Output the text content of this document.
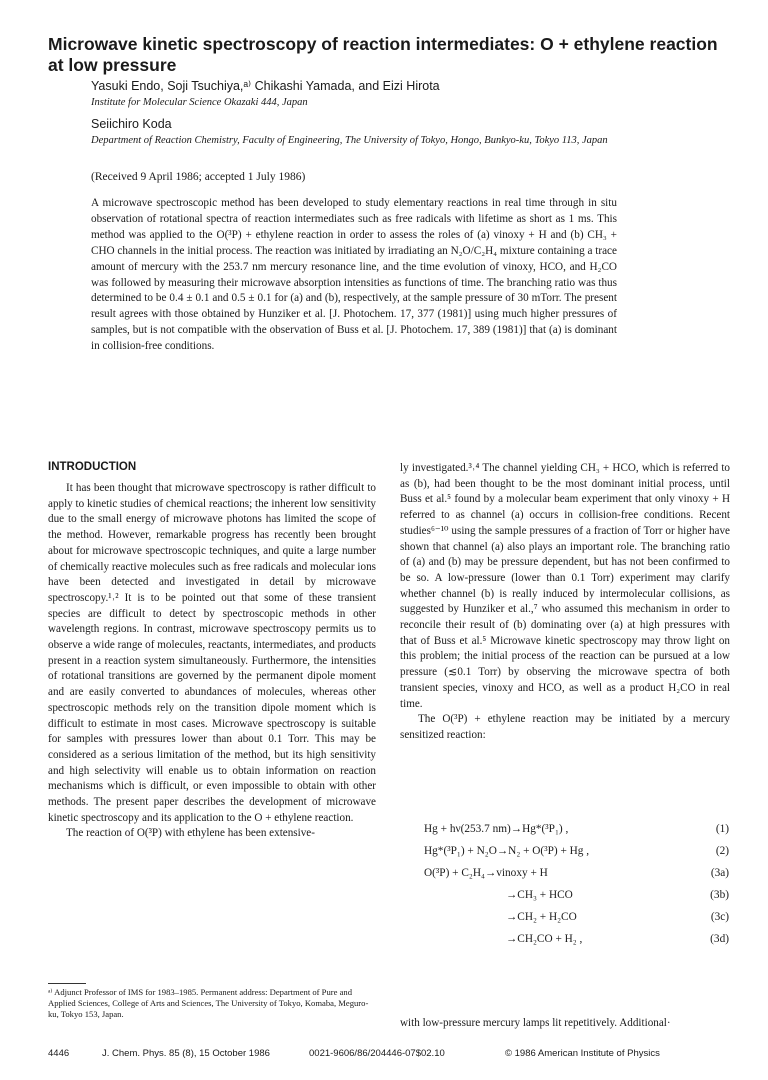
Microwave kinetic spectroscopy of reaction intermediates: O + ethylene reaction at low pressure
Yasuki Endo, Soji Tsuchiya,ᵃ⁾ Chikashi Yamada, and Eizi Hirota
Institute for Molecular Science Okazaki 444, Japan
Seiichiro Koda
Department of Reaction Chemistry, Faculty of Engineering, The University of Tokyo, Hongo, Bunkyo-ku, Tokyo 113, Japan
(Received 9 April 1986; accepted 1 July 1986)
A microwave spectroscopic method has been developed to study elementary reactions in real time through in situ observation of rotational spectra of reaction intermediates such as free radicals with lifetime as short as 1 ms. This method was applied to the O(³P) + ethylene reaction in order to assess the roles of (a) vinoxy + H and (b) CH₃ + CHO channels in the initial process. The reaction was initiated by irradiating an N₂O/C₂H₄ mixture containing a trace amount of mercury with the 253.7 nm mercury resonance line, and the time evolution of vinoxy, HCO, and H₂CO was followed by measuring their microwave absorption intensities as functions of time. The branching ratio was thus determined to be 0.4 ± 0.1 and 0.5 ± 0.1 for (a) and (b), respectively, at the sample pressure of 30 mTorr. The present result agrees with those obtained by Hunziker et al. [J. Photochem. 17, 377 (1981)] using much higher pressures of samples, but is not compatible with the observation of Buss et al. [J. Photochem. 17, 389 (1981)] that (a) is dominant in collision-free conditions.
INTRODUCTION

It has been thought that microwave spectroscopy is rather difficult to apply to kinetic studies of chemical reactions; the inherent low sensitivity due to the small energy of microwave photons has limited the scope of the method. However, remarkable progress has recently been brought about for microwave spectroscopic techniques, and quite a large number of chemically reactive molecules such as free radicals and molecular ions have been detected and investigated in detail by microwave spectroscopy.¹˒² It is to be pointed out that some of these transient species are difficult to detect by spectroscopic methods in other wavelength regions. In contrast, microwave spectroscopy permits us to observe a wide range of molecules, reactants, intermediates, and products present in a reaction system simultaneously. Furthermore, the intensities of rotational transitions are governed by the permanent dipole moment and are easily converted to abundances of molecules, whereas other spectroscopic methods rely on the transition dipole moment which is difficult to estimate in most cases. Microwave spectroscopy is suitable for samples with pressures lower than about 0.1 Torr. This may be considered as a serious limitation of the method, but its high sensitivity and high selectivity will enable us to obtain information on reaction mechanisms which is difficult, or even impossible to obtain with other methods. The present paper describes the development of microwave kinetic spectroscopy and its application to the O + ethylene reaction.

The reaction of O(³P) with ethylene has been extensive-

ly investigated.³˒⁴ The channel yielding CH₃ + HCO, which is referred to as (b), had been thought to be the most dominant initial process, until Buss et al.⁵ found by a molecular beam experiment that only vinoxy + H referred to as channel (a) occurs in collision-free conditions. Recent studies⁶⁻¹⁰ using the sample pressures of a fraction of Torr or higher have shown that channel (a) also plays an important role. The branching ratio of (a) and (b) may be pressure dependent, but has not been confirmed to be so. A low-pressure (lower than 0.1 Torr) experiment may clarify whether channel (b) is really induced by intermolecular collisions, as suggested by Hunziker et al.,⁷ who assumed this mechanism in order to reconcile their result of (b) dominating over (a) at high pressures with that of Buss et al.⁵ Microwave kinetic spectroscopy may throw light on this problem; the initial process of the reaction can be pursued at a low pressure (≲0.1 Torr) by observing the microwave spectra of both transient species, vinoxy and HCO, as well as a product H₂CO in real time.

The O(³P) + ethylene reaction may be initiated by a mercury sensitized reaction:

Hg + hν(253.7 nm)→Hg*(³P₁) ,	(1)
Hg*(³P₁) + N₂O→N₂ + O(³P) + Hg ,	(2)
O(³P) + C₂H₄→vinoxy + H	(3a)
→CH₃ + HCO	(3b)
→CH₂ + H₂CO	(3c)
→CH₂CO + H₂ ,	(3d)
ᵃ⁾ Adjunct Professor of IMS for 1983–1985. Permanent address: Department of Pure and Applied Sciences, College of Arts and Sciences, The University of Tokyo, Komaba, Meguro-ku, Tokyo 153, Japan.
with low-pressure mercury lamps lit repetitively. Additional·
4446	J. Chem. Phys. 85 (8), 15 October 1986	0021-9606/86/204446-07$02.10	© 1986 American Institute of Physics
